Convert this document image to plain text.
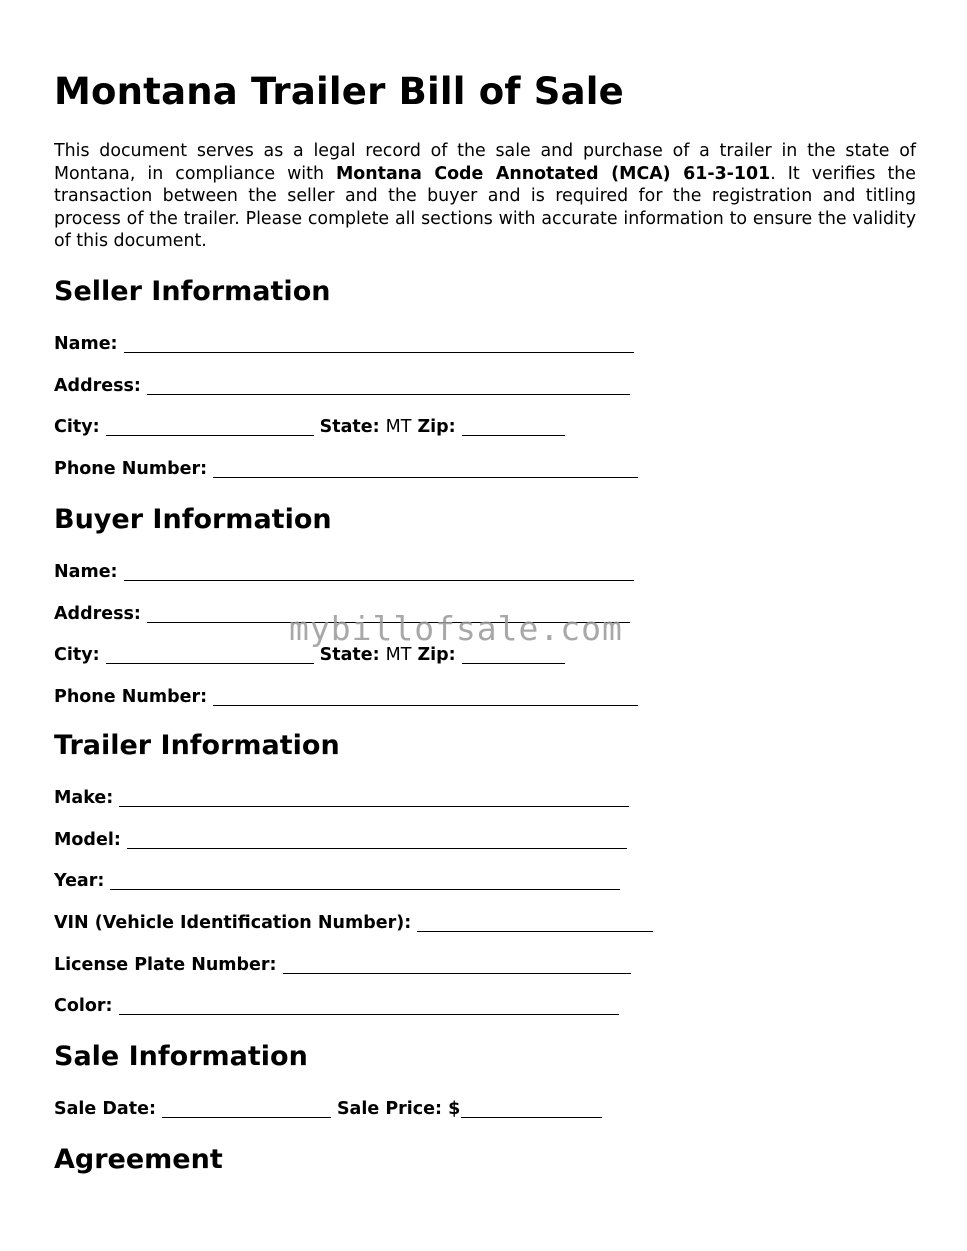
Montana Trailer Bill of Sale

This document serves as a legal record of the sale and purchase of a trailer in the state of Montana, in compliance with Montana Code Annotated (MCA) 61-3-101. It verifies the transaction between the seller and the buyer and is required for the registration and titling process of the trailer. Please complete all sections with accurate information to ensure the validity of this document.

Seller Information
Name:
Address:
City:	State: MT Zip:
Phone Number:
Buyer Information
Name:
Address:
City:	State: MT Zip:
Phone Number:
Trailer Information
Make:
Model:
Year:
VIN (Vehicle Identification Number):
License Plate Number:
Color:
Sale Information
Sale Date:	Sale Price: $
Agreement
mybillofsale.com
